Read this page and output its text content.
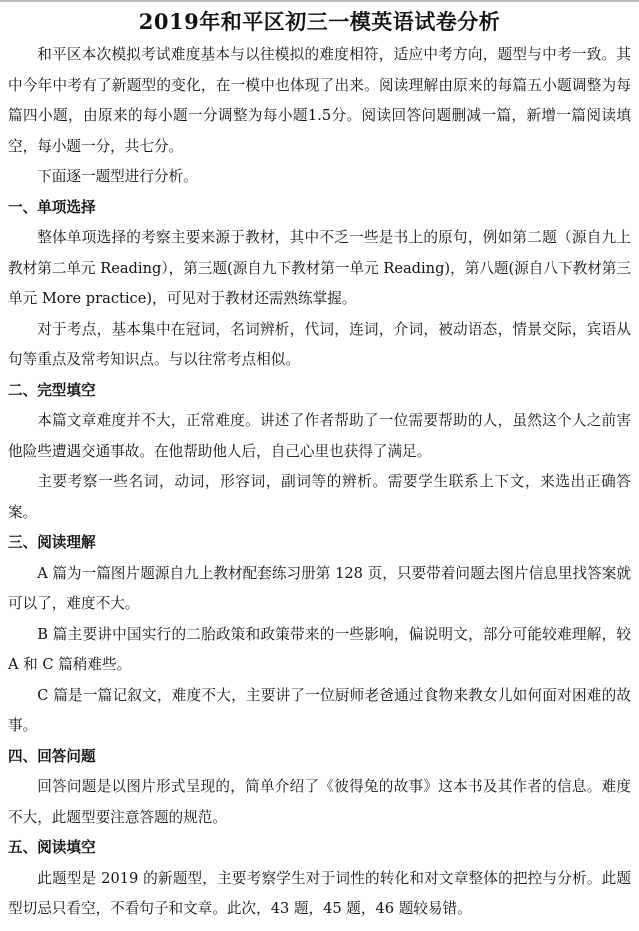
2019年和平区初三一模英语试卷分析

和平区本次模拟考试难度基本与以往模拟的难度相符，适应中考方向，题型与中考一致。其中今年中考有了新题型的变化，在一模中也体现了出来。阅读理解由原来的每篇五小题调整为每篇四小题，由原来的每小题一分调整为每小题1.5分。阅读回答问题删减一篇，新增一篇阅读填空，每小题一分，共七分。

下面逐一题型进行分析。

一、单项选择

整体单项选择的考察主要来源于教材，其中不乏一些是书上的原句，例如第二题（源自九上教材第二单元 Reading），第三题(源自九下教材第一单元 Reading)，第八题(源自八下教材第三单元 More practice)，可见对于教材还需熟练掌握。

对于考点，基本集中在冠词，名词辨析，代词，连词，介词，被动语态，情景交际，宾语从句等重点及常考知识点。与以往常考点相似。

二、完型填空

本篇文章难度并不大，正常难度。讲述了作者帮助了一位需要帮助的人，虽然这个人之前害他险些遭遇交通事故。在他帮助他人后，自己心里也获得了满足。

主要考察一些名词，动词，形容词，副词等的辨析。需要学生联系上下文，来选出正确答案。

三、阅读理解

A 篇为一篇图片题源自九上教材配套练习册第 128 页，只要带着问题去图片信息里找答案就可以了，难度不大。

B 篇主要讲中国实行的二胎政策和政策带来的一些影响，偏说明文，部分可能较难理解，较 A 和 C 篇稍难些。

C 篇是一篇记叙文，难度不大，主要讲了一位厨师老爸通过食物来教女儿如何面对困难的故事。

四、回答问题

回答问题是以图片形式呈现的，简单介绍了《彼得兔的故事》这本书及其作者的信息。难度不大，此题型要注意答题的规范。

五、阅读填空

此题型是 2019 的新题型，主要考察学生对于词性的转化和对文章整体的把控与分析。此题型切忌只看空，不看句子和文章。此次，43 题，45 题，46 题较易错。
